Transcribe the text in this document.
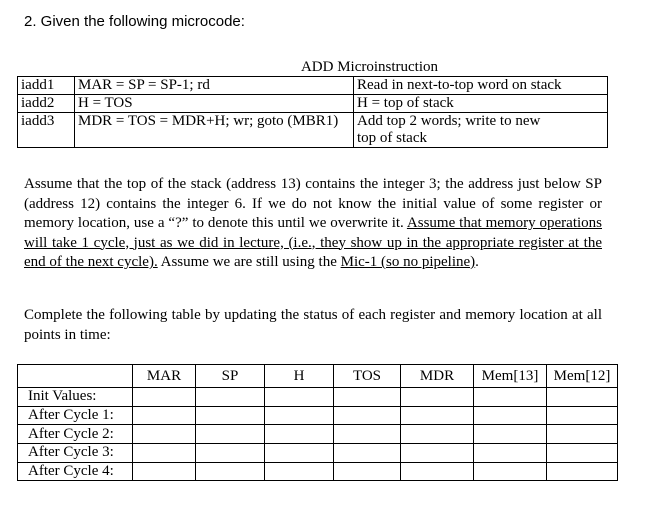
2. Given the following microcode:
	ADD Microinstruction	
iadd1	MAR = SP = SP-1; rd	Read in next-to-top word on stack
iadd2	H = TOS	H = top of stack
iadd3	MDR = TOS = MDR+H; wr; goto (MBR1)	Add top 2 words; write to new
top of stack
Assume that the top of the stack (address 13) contains the integer 3; the address just below SP (address 12) contains the integer 6. If we do not know the initial value of some register or memory location, use a “?” to denote this until we overwrite it. Assume that memory operations will take 1 cycle, just as we did in lecture, (i.e., they show up in the appropriate register at the end of the next cycle). Assume we are still using the Mic-1 (so no pipeline).
Complete the following table by updating the status of each register and memory location at all points in time:
	MAR	SP	H	TOS	MDR	Mem[13]	Mem[12]
Init Values:							
After Cycle 1:							
After Cycle 2:							
After Cycle 3:							
After Cycle 4:							
